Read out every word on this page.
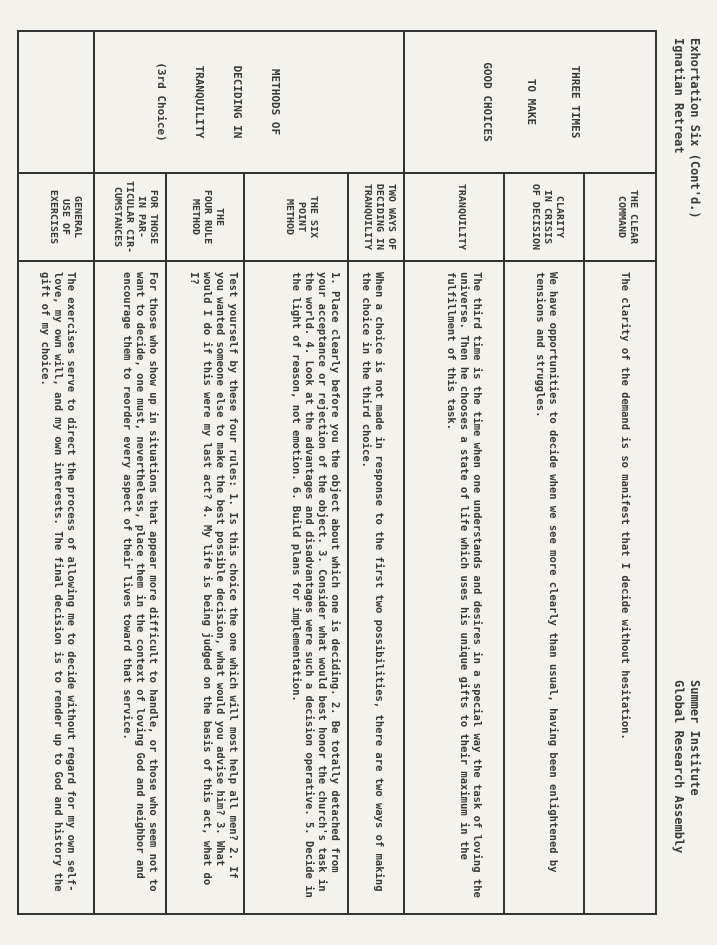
Exhortation Six (Cont'd.)
Ignatian Retreat
Summer Institute
Global Research Assembly

THREE TIMES

TO MAKE

GOOD CHOICES

THE CLEAR
COMMAND
The clarity of the demand is so manifest that I decide without hesitation.
CLARITY
IN CRISIS
OF DECISION
We have opportunities to decide when we see more clearly than usual, having been enlightened by tensions and struggles.
TRANQUILITY
The third time is the time when one understands and desires in a special way the task of loving the universe. Then he chooses a state of life which uses his unique gifts to their maximum in the fulfillment of this task.

METHODS OF

DECIDING IN

TRANQUILITY

(3rd Choice)

TWO WAYS OF
DECIDING IN
TRANQUILITY
When a choice is not made in response to the first two possibilities, there are two ways of making the choice in the third choice.
THE SIX
POINT
METHOD
1. Place clearly before you the object about which one is deciding. 2. Be totally detached from your acceptance or rejection of the object. 3. Consider what would best honor the church's task in the world. 4. Look at the advantages and disadvantages were such a decision operative. 5. Decide in the light of reason, not emotion. 6. Build plans for implementation.
THE
FOUR RULE
METHOD
Test yourself by these four rules: 1. Is this choice the one which will most help all men? 2. If you wanted someone else to make the best possible decision, what would you advise him? 3. What would I do if this were my last act? 4. My life is being judged on the basis of this act, what do I?
FOR THOSE
IN PAR-
TICULAR CIR-
CUMSTANCES
For those who show up in situations that appear more difficult to handle, or those who seem not to want to decide, one must, nevertheless, place them in the context of loving God and neighbor and encourage them to reorder every aspect of their lives toward that service.
GENERAL
USE OF
EXERCISES
The exercises serve to direct the process of allowing me to decide without regard for my own self-love, my own will, and my own interests. The final decision is to render up to God and history the gift of my choice.
